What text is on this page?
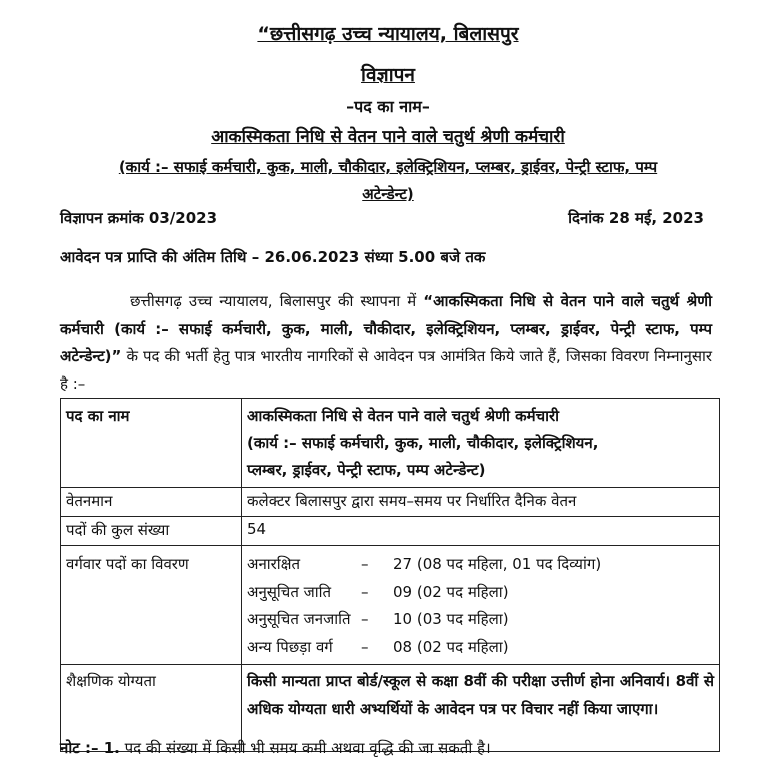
“छत्तीसगढ़ उच्च न्यायालय, बिलासपुर
विज्ञापन
–पद का नाम–
आकस्मिकता निधि से वेतन पाने वाले चतुर्थ श्रेणी कर्मचारी
(कार्य :– सफाई कर्मचारी, कुक, माली, चौकीदार, इलेक्ट्रिशियन, प्लम्बर, ड्राईवर, पेन्ट्री स्टाफ, पम्प
अटेन्डेन्ट)
विज्ञापन क्रमांक 03/2023	दिनांक 28 मई, 2023
आवेदन पत्र प्राप्ति की अंतिम तिथि – 26.06.2023 संध्या 5.00 बजे तक
छत्तीसगढ़ उच्च न्यायालय, बिलासपुर की स्थापना में “आकस्मिकता निधि से वेतन पाने वाले चतुर्थ श्रेणी कर्मचारी (कार्य :– सफाई कर्मचारी, कुक, माली, चौकीदार, इलेक्ट्रिशियन, प्लम्बर, ड्राईवर, पेन्ट्री स्टाफ, पम्प अटेन्डेन्ट)” के पद की भर्ती हेतु पात्र भारतीय नागरिकों से आवेदन पत्र आमंत्रित किये जाते हैं, जिसका विवरण निम्नानुसार है :–
पद का नाम	आकस्मिकता निधि से वेतन पाने वाले चतुर्थ श्रेणी कर्मचारी
(कार्य :– सफाई कर्मचारी, कुक, माली, चौकीदार, इलेक्ट्रिशियन,
प्लम्बर, ड्राईवर, पेन्ट्री स्टाफ, पम्प अटेन्डेन्ट)

वेतनमान	कलेक्टर बिलासपुर द्वारा समय–समय पर निर्धारित दैनिक वेतन
पदों की कुल संख्या	54
वर्गवार पदों का विवरण	अनारक्षित – 27 (08 पद महिला, 01 पद दिव्यांग)
अनुसूचित जाति – 09 (02 पद महिला)
अनुसूचित जनजाति – 10 (03 पद महिला)
अन्य पिछड़ा वर्ग – 08 (02 पद महिला)

शैक्षणिक योग्यता	किसी मान्यता प्राप्त बोर्ड/स्कूल से कक्षा 8वीं की परीक्षा उत्तीर्ण होना अनिवार्य। 8वीं से अधिक योग्यता धारी अभ्यर्थियों के आवेदन पत्र पर विचार नहीं किया जाएगा।
नोट :– 1. पद की संख्या में किसी भी समय कमी अथवा वृद्धि की जा सकती है।
